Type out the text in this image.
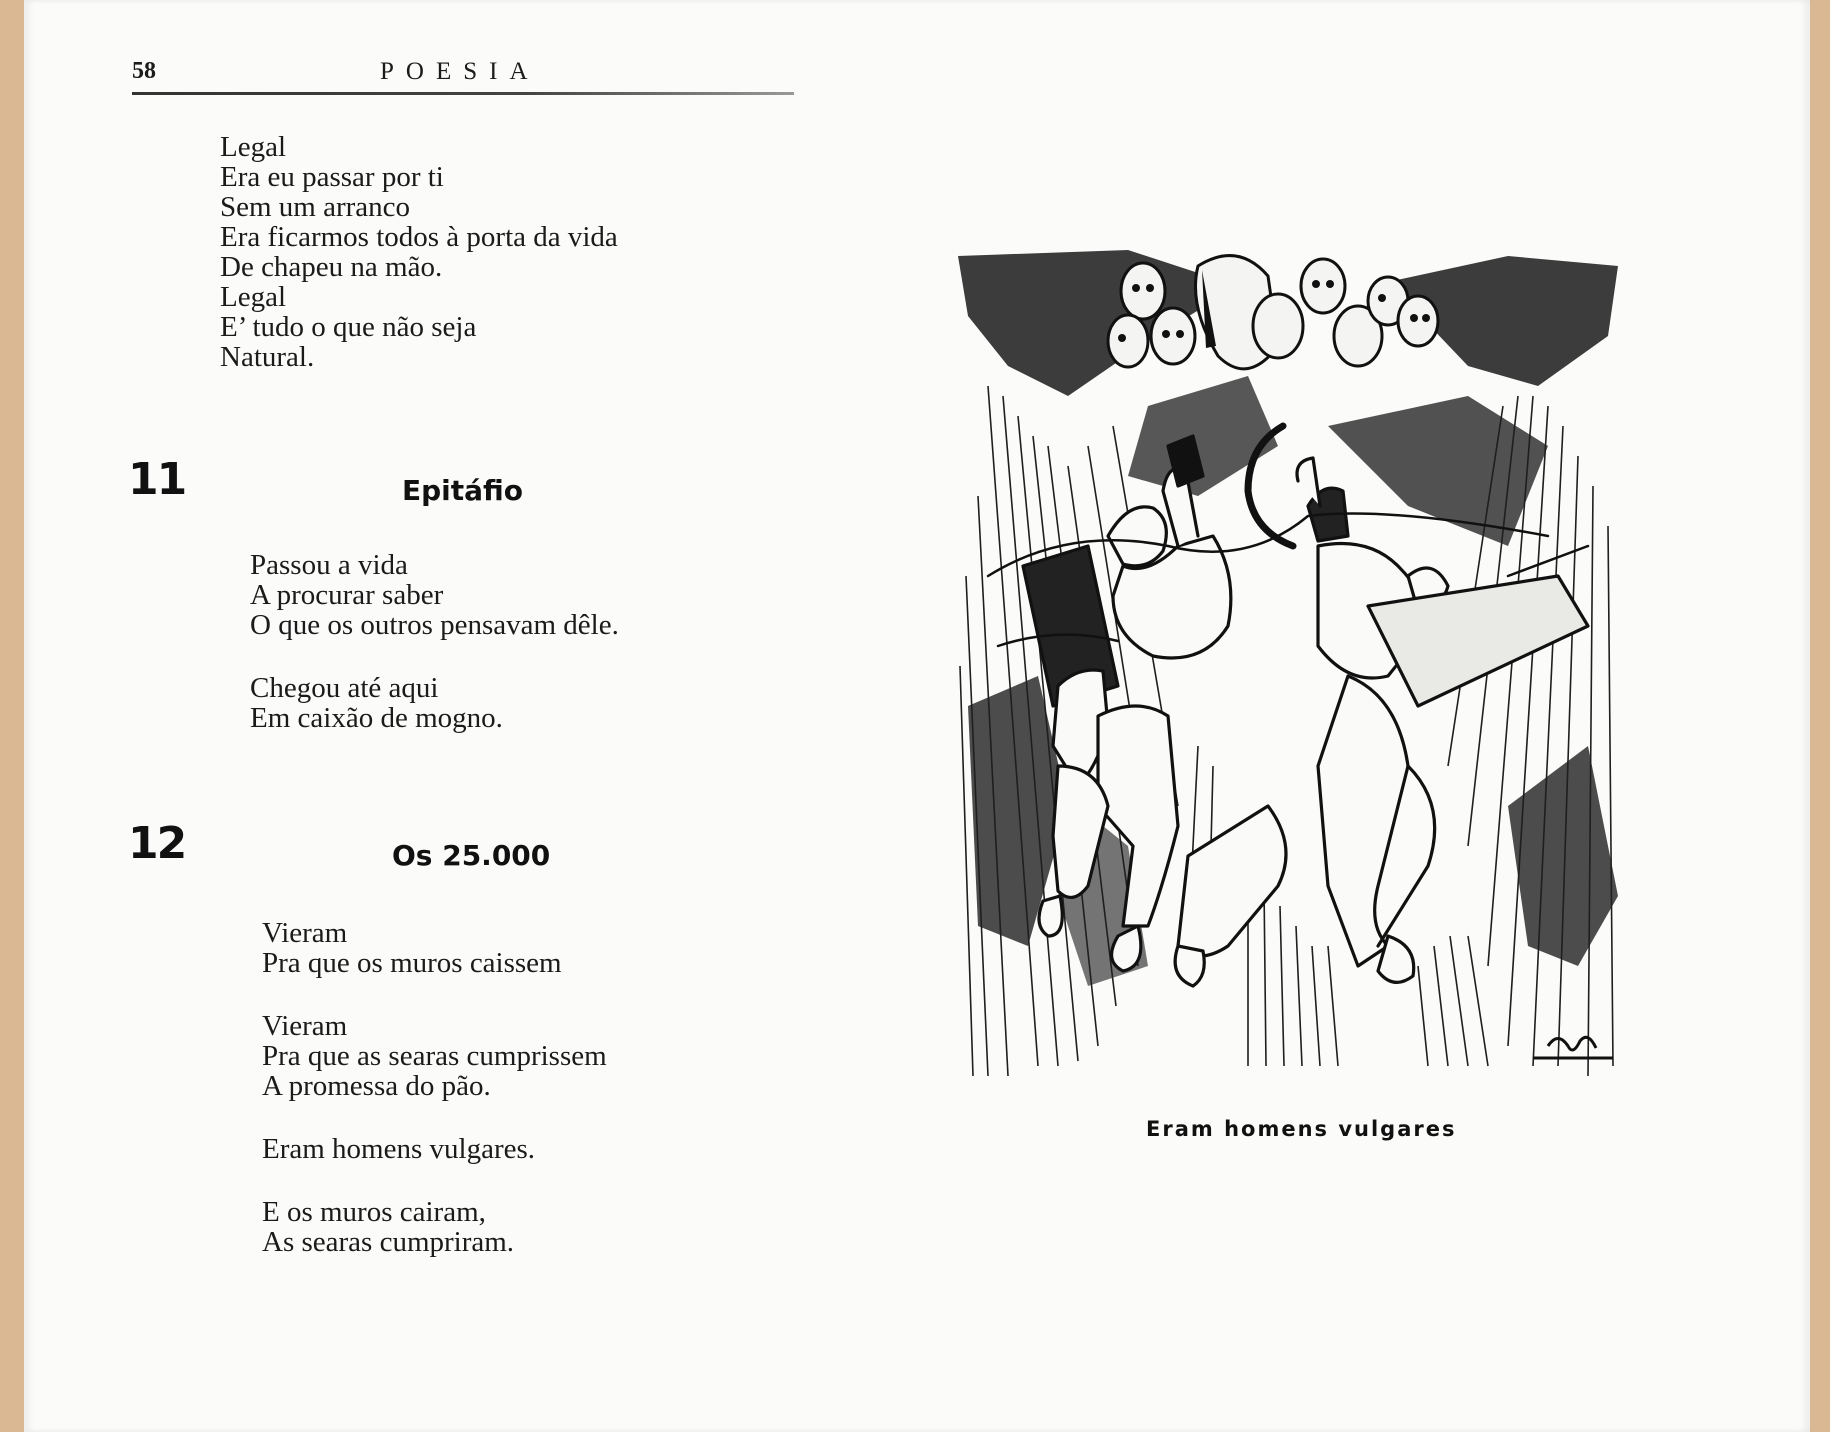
58	POESIA
Legal
Era eu passar por ti
Sem um arranco
Era ficarmos todos à porta da vida
De chapeu na mão.
Legal
E’ tudo o que não seja
Natural.
11	Epitáfio
Passou a vida
A procurar saber
O que os outros pensavam dêle.
Chegou até aqui
Em caixão de mogno.
12	Os 25.000
Vieram
Pra que os muros caissem
Vieram
Pra que as searas cumprissem
A promessa do pão.
Eram homens vulgares.
E os muros cairam,
As searas cumpriram.
Eram homens vulgares
